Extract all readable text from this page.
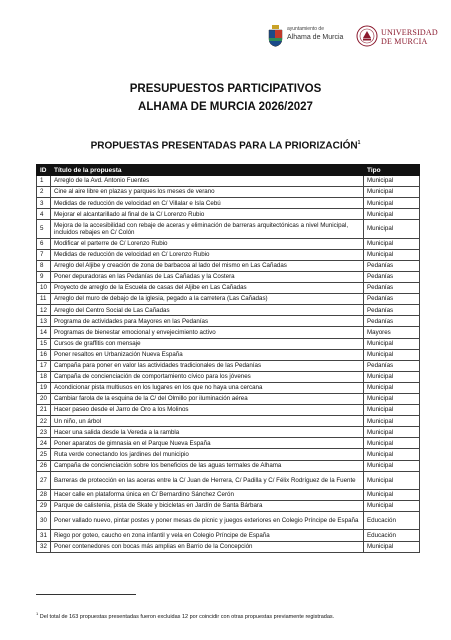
ayuntamiento de
Alhama de Murcia
UNIVERSIDAD
DE MURCIA
PRESUPUESTOS PARTICIPATIVOS
ALHAMA DE MURCIA 2026/2027
PROPUESTAS PRESENTADAS PARA LA PRIORIZACIÓN$^1$
ID	Título de la propuesta	Tipo
1	Arreglo de la Avd. Antonio Fuentes	Municipal
2	Cine al aire libre en plazas y parques los meses de verano	Municipal
3	Medidas de reducción de velocidad en C/ Villalar e Isla Cebú	Municipal
4	Mejorar el alcantarillado al final de la C/ Lorenzo Rubio	Municipal
5	Mejora de la accesibilidad con rebaje de aceras y eliminación de barreras arquitectónicas a nivel Municipal, incluidos rebajes en C/ Colón	Municipal
6	Modificar el parterre de C/ Lorenzo Rubio	Municipal
7	Medidas de reducción de velocidad en C/ Lorenzo Rubio	Municipal
8	Arreglo del Aljibe y creación de zona de barbacoa al lado del mismo en Las Cañadas	Pedanías
9	Poner depuradoras en las Pedanías de Las Cañadas y la Costera	Pedanías
10	Proyecto de arreglo de la Escuela de casas del Aljibe en Las Cañadas	Pedanías
11	Arreglo del muro de debajo de la iglesia, pegado a la carretera (Las Cañadas)	Pedanías
12	Arreglo del Centro Social de Las Cañadas	Pedanías
13	Programa de actividades para Mayores en las Pedanías	Pedanías
14	Programas de bienestar emocional y envejecimiento activo	Mayores
15	Cursos de graffitis con mensaje	Municipal
16	Poner resaltos en Urbanización Nueva España	Municipal
17	Campaña para poner en valor las actividades tradicionales de las Pedanías	Pedanías
18	Campaña de concienciación de comportamiento cívico para los jóvenes	Municipal
19	Acondicionar pista multiusos en los lugares en los que no haya una cercana	Municipal
20	Cambiar farola de la esquina de la C/ del Olmillo por iluminación aérea	Municipal
21	Hacer paseo desde el Jarro de Oro a los Molinos	Municipal
22	Un niño, un árbol	Municipal
23	Hacer una salida desde la Vereda a la rambla	Municipal
24	Poner aparatos de gimnasia en el Parque Nueva España	Municipal
25	Ruta verde conectando los jardines del municipio	Municipal
26	Campaña de concienciación sobre los beneficios de las aguas termales de Alhama	Municipal
27	Barreras de protección en las aceras entre la C/ Juan de Herrera, C/ Padilla y C/ Félix Rodríguez de la Fuente	Municipal
28	Hacer calle en plataforma única en C/ Bernardino Sánchez Cerón	Municipal
29	Parque de calistenia, pista de Skate y bicicletas en Jardín de Santa Bárbara	Municipal
30	Poner vallado nuevo, pintar postes y poner mesas de picnic y juegos exteriores en Colegio Príncipe de España	Educación
31	Riego por goteo, caucho en zona infantil y vela en Colegio Príncipe de España	Educación
32	Poner contenedores con bocas más amplias en Barrio de la Concepción	Municipal
$^1$ Del total de 163 propuestas presentadas fueron excluidas 12 por coincidir con otras propuestas previamente registradas.
